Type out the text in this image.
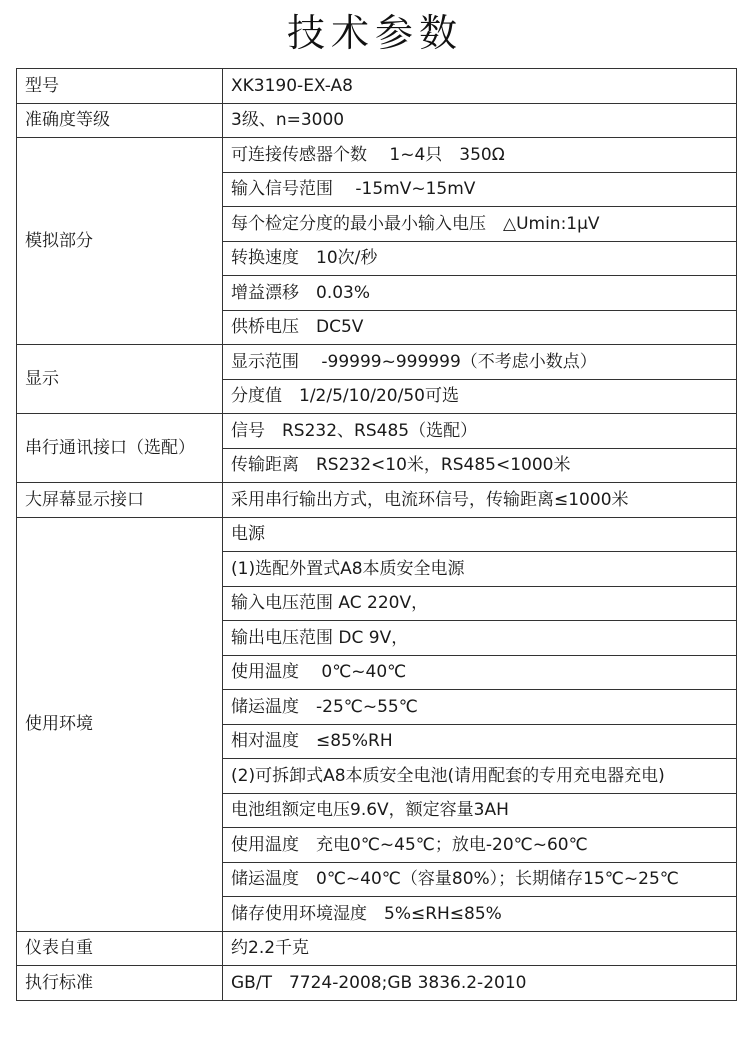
技术参数
型号	XK3190-EX-A8
准确度等级	3级、n=3000
模拟部分	可连接传感器个数　 1~4只　350Ω
	输入信号范围　 -15mV~15mV
	每个检定分度的最小最小输入电压　△Umin:1μV
	转换速度　10次/秒
	增益漂移　0.03%
	供桥电压　DC5V
显示	显示范围　 -99999~999999（不考虑小数点）
	分度值　1/2/5/10/20/50可选
串行通讯接口（选配）	信号　RS232、RS485（选配）
	传输距离　RS232<10米，RS485<1000米
大屏幕显示接口	采用串行输出方式，电流环信号，传输距离≤1000米
使用环境	电源
	(1)选配外置式A8本质安全电源
	输入电压范围 AC 220V，
	输出电压范围 DC 9V，
	使用温度　 0℃~40℃
	储运温度　-25℃~55℃
	相对温度　≤85%RH
	(2)可拆卸式A8本质安全电池(请用配套的专用充电器充电)
	电池组额定电压9.6V，额定容量3AH
	使用温度　充电0℃~45℃；放电-20℃~60℃
	储运温度　0℃~40℃（容量80%）；长期储存15℃~25℃
	储存使用环境湿度　5%≤RH≤85%
仪表自重	约2.2千克
执行标准	GB/T　7724-2008;GB 3836.2-2010
